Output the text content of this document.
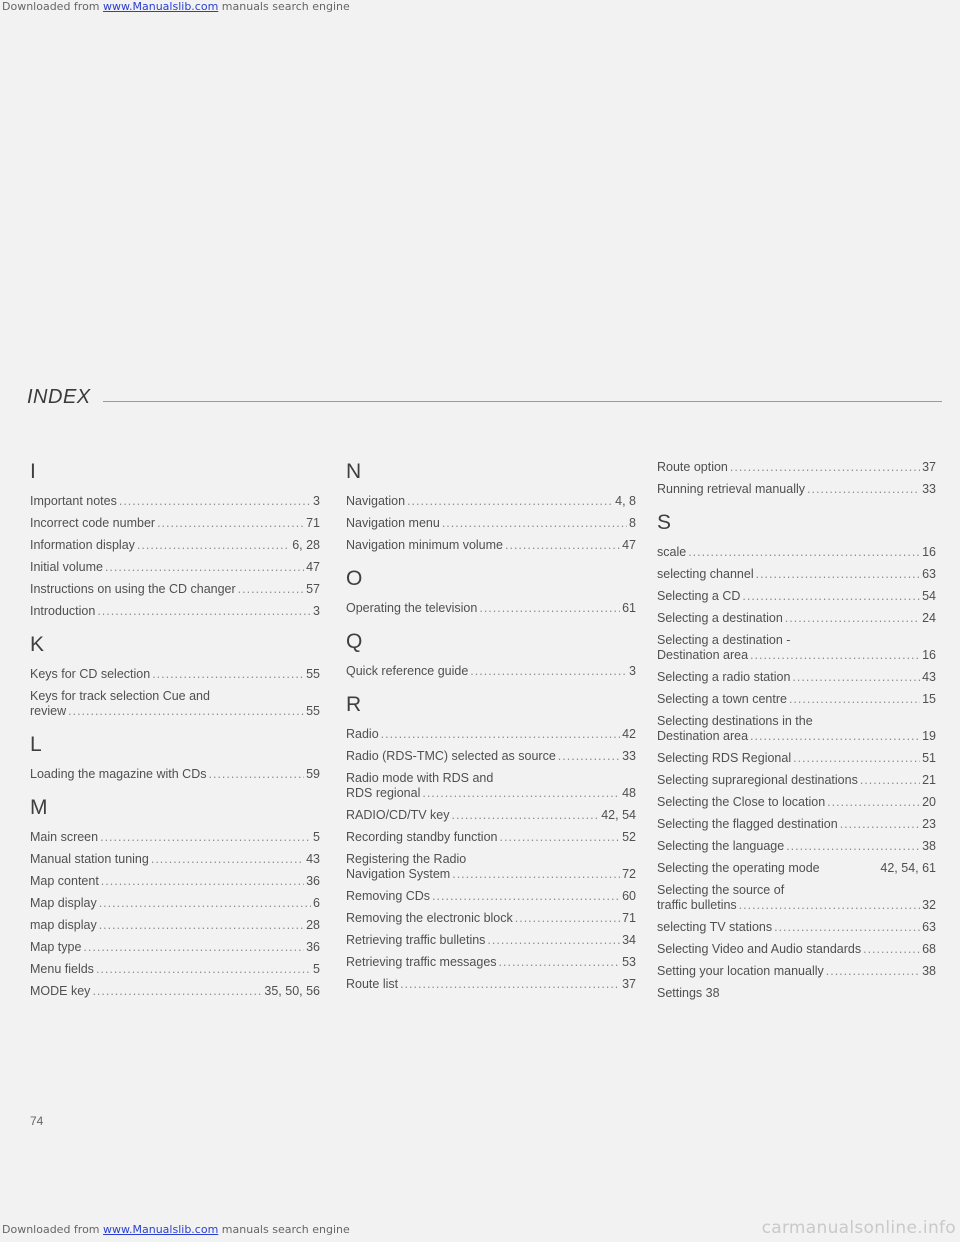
Downloaded from www.Manualslib.com manuals search engine
INDEX
I
Important notes .....	3
Incorrect code number .....	71
Information display .....	6, 28
Initial volume .....	47
Instructions on using the CD changer .....	57
Introduction .....	3
K
Keys for CD selection .....	55
Keys for track selection Cue and
review .....	55
L
Loading the magazine with CDs .....	59
M
Main screen .....	5
Manual station tuning .....	43
Map content .....	36
Map display .....	6
map display .....	28
Map type .....	36
Menu fields .....	5
MODE key .....	35, 50, 56
N
Navigation .....	4, 8
Navigation menu .....	8
Navigation minimum volume .....	47
O
Operating the television .....	61
Q
Quick reference guide .....	3
R
Radio .....	42
Radio (RDS-TMC) selected as source .....	33
Radio mode with RDS and
RDS regional .....	48
RADIO/CD/TV key .....	42, 54
Recording standby function .....	52
Registering the Radio
Navigation System .....	72
Removing CDs .....	60
Removing the electronic block .....	71
Retrieving traffic bulletins .....	34
Retrieving traffic messages .....	53
Route list .....	37
Route option .....	37
Running retrieval manually .....	33
S
scale .....	16
selecting channel .....	63
Selecting a CD .....	54
Selecting a destination .....	24
Selecting a destination -
Destination area .....	16
Selecting a radio station .....	43
Selecting a town centre .....	15
Selecting destinations in the
Destination area .....	19
Selecting RDS Regional .....	51
Selecting supraregional destinations .....	21
Selecting the Close to location .....	20
Selecting the flagged destination .....	23
Selecting the language .....	38
Selecting the operating mode	42, 54, 61
Selecting the source of
traffic bulletins .....	32
selecting TV stations .....	63
Selecting Video and Audio standards .....	68
Setting your location manually .....	38
Settings 38
74
Downloaded from www.Manualslib.com manuals search engine	carmanualsonline.info
